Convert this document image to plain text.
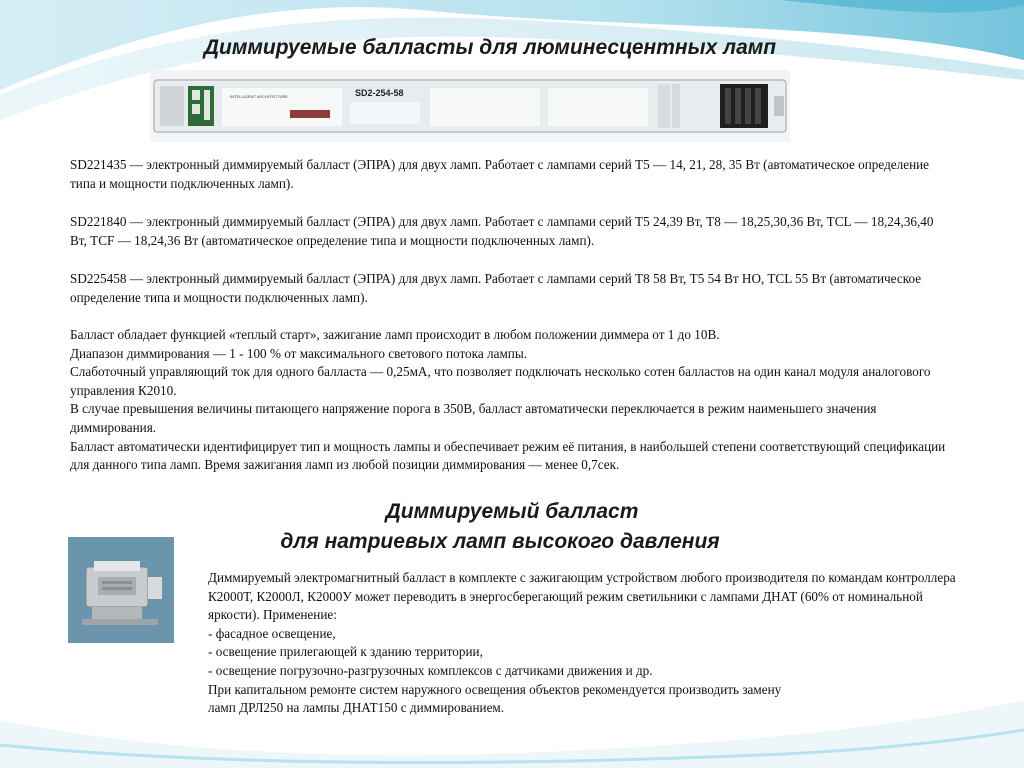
Диммируемые балласты для люминесцентных ламп
SD2-254-58
INTELLIGENT ARCHITECTURE

SD221435 — электронный диммируемый балласт (ЭПРА) для двух ламп. Работает с лампами серий Т5 — 14, 21, 28, 35 Вт (автоматическое определение типа и мощности подключенных ламп).

SD221840 — электронный диммируемый балласт (ЭПРА) для двух ламп. Работает с лампами серий Т5 24,39 Вт, Т8 — 18,25,30,36 Вт, TCL — 18,24,36,40 Вт, TCF — 18,24,36 Вт (автоматическое определение типа и мощности подключенных ламп).

SD225458 — электронный диммируемый балласт (ЭПРА) для двух ламп. Работает с лампами серий Т8 58 Вт, Т5 54 Вт HO, TCL 55 Вт (автоматическое определение типа и мощности подключенных ламп).

Балласт обладает функцией «теплый старт», зажигание ламп происходит в любом положении диммера от 1 до 10В.

Диапазон диммирования — 1 - 100 % от максимального светового потока лампы.

Слаботочный управляющий ток для одного балласта — 0,25мА, что позволяет подключать несколько сотен балластов на один канал модуля аналогового управления К2010.

В случае превышения величины питающего напряжение порога в 350В, балласт автоматически переключается в режим наименьшего значения диммирования.

Балласт автоматически идентифицирует тип и мощность лампы и обеспечивает режим её питания, в наибольшей степени соответствующий спецификации для данного типа ламп. Время зажигания ламп из любой позиции диммирования — менее 0,7сек.

Диммируемый балласт
для натриевых ламп высокого давления

Диммируемый электромагнитный балласт в комплекте с зажигающим устройством любого производителя по командам контроллера К2000Т, К2000Л, К2000У может переводить в энергосберегающий режим светильники с лампами ДНАТ (60% от номинальной яркости). Применение:

- фасадное освещение,

- освещение прилегающей к зданию территории,

- освещение погрузочно-разгрузочных комплексов с датчиками движения и др.

При капитальном ремонте систем наружного освещения объектов рекомендуется производить замену

ламп ДРЛ250 на лампы ДНАТ150 с диммированием.
